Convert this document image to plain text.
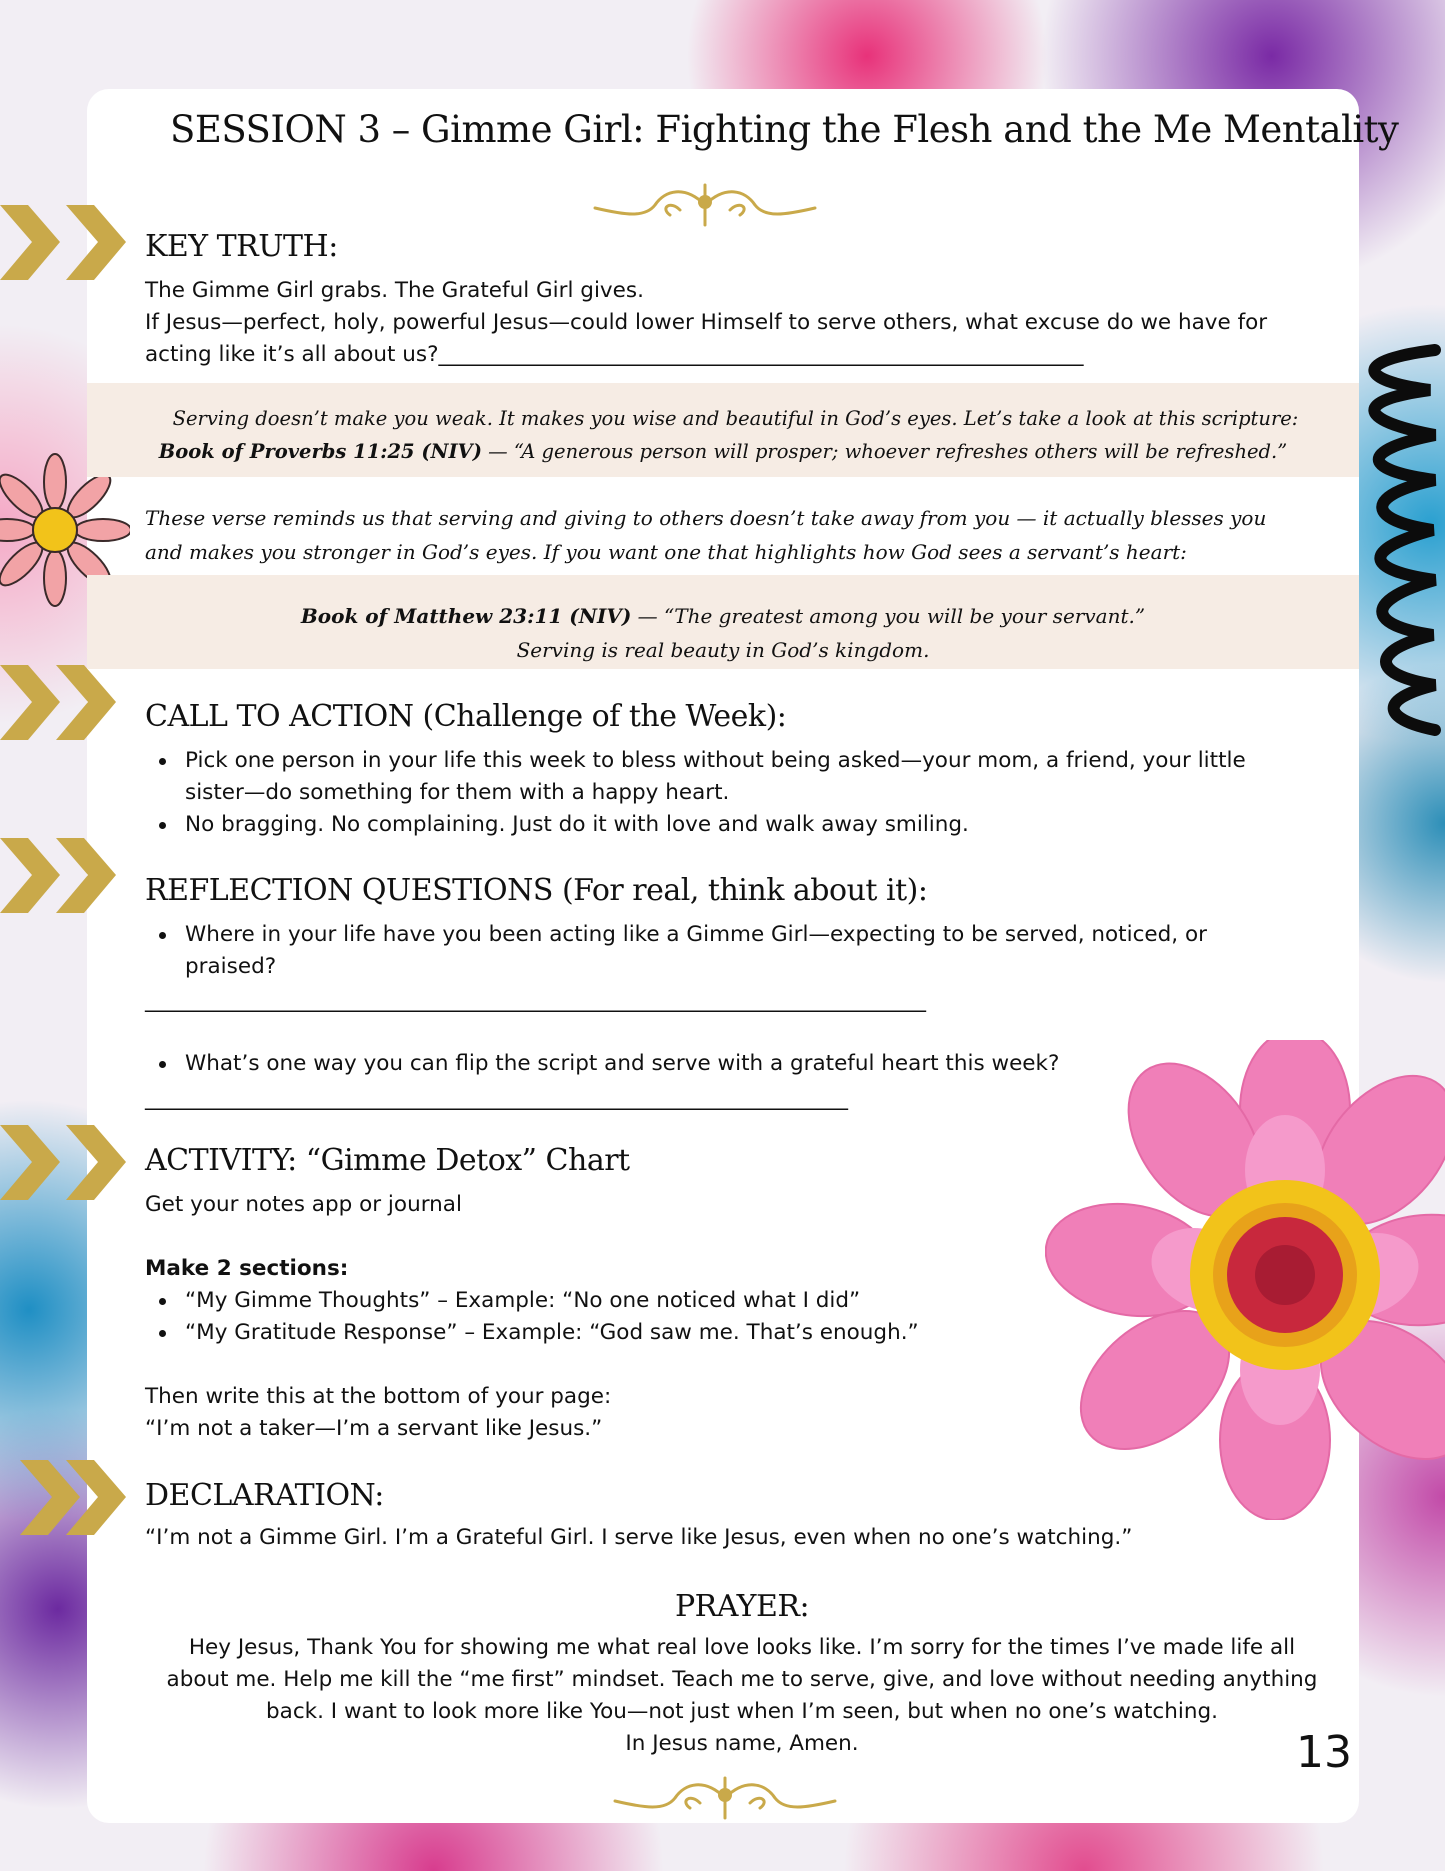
SESSION 3 – Gimme Girl: Fighting the Flesh and the Me Mentality
KEY TRUTH:
The Gimme Girl grabs. The Grateful Girl gives.
If Jesus—perfect, holy, powerful Jesus—could lower Himself to serve others, what excuse do we have for
acting like it’s all about us?____________________________________________________________
Serving doesn’t make you weak. It makes you wise and beautiful in God’s eyes. Let’s take a look at this scripture:
Book of Proverbs 11:25 (NIV) — “A generous person will prosper; whoever refreshes others will be refreshed.”
These verse reminds us that serving and giving to others doesn’t take away from you — it actually blesses you
and makes you stronger in God’s eyes. If you want one that highlights how God sees a servant’s heart:
Book of Matthew 23:11 (NIV) — “The greatest among you will be your servant.”
Serving is real beauty in God’s kingdom.
CALL TO ACTION (Challenge of the Week):
Pick one person in your life this week to bless without being asked—your mom, a friend, your little sister—do something for them with a happy heart.
No bragging. No complaining. Just do it with love and walk away smiling.
REFLECTION QUESTIONS (For real, think about it):
Where in your life have you been acting like a Gimme Girl—expecting to be served, noticed, or praised?
________________________________________________________________________________
What’s one way you can flip the script and serve with a grateful heart this week?
________________________________________________________________________
ACTIVITY: “Gimme Detox” Chart
Get your notes app or journal
Make 2 sections:
“My Gimme Thoughts” – Example: “No one noticed what I did”
“My Gratitude Response” – Example: “God saw me. That’s enough.”
Then write this at the bottom of your page:
“I’m not a taker—I’m a servant like Jesus.”
DECLARATION:
“I’m not a Gimme Girl. I’m a Grateful Girl. I serve like Jesus, even when no one’s watching.”
PRAYER:
Hey Jesus, Thank You for showing me what real love looks like. I’m sorry for the times I’ve made life all
about me. Help me kill the “me first” mindset. Teach me to serve, give, and love without needing anything
back. I want to look more like You—not just when I’m seen, but when no one’s watching.
In Jesus name, Amen.	13
